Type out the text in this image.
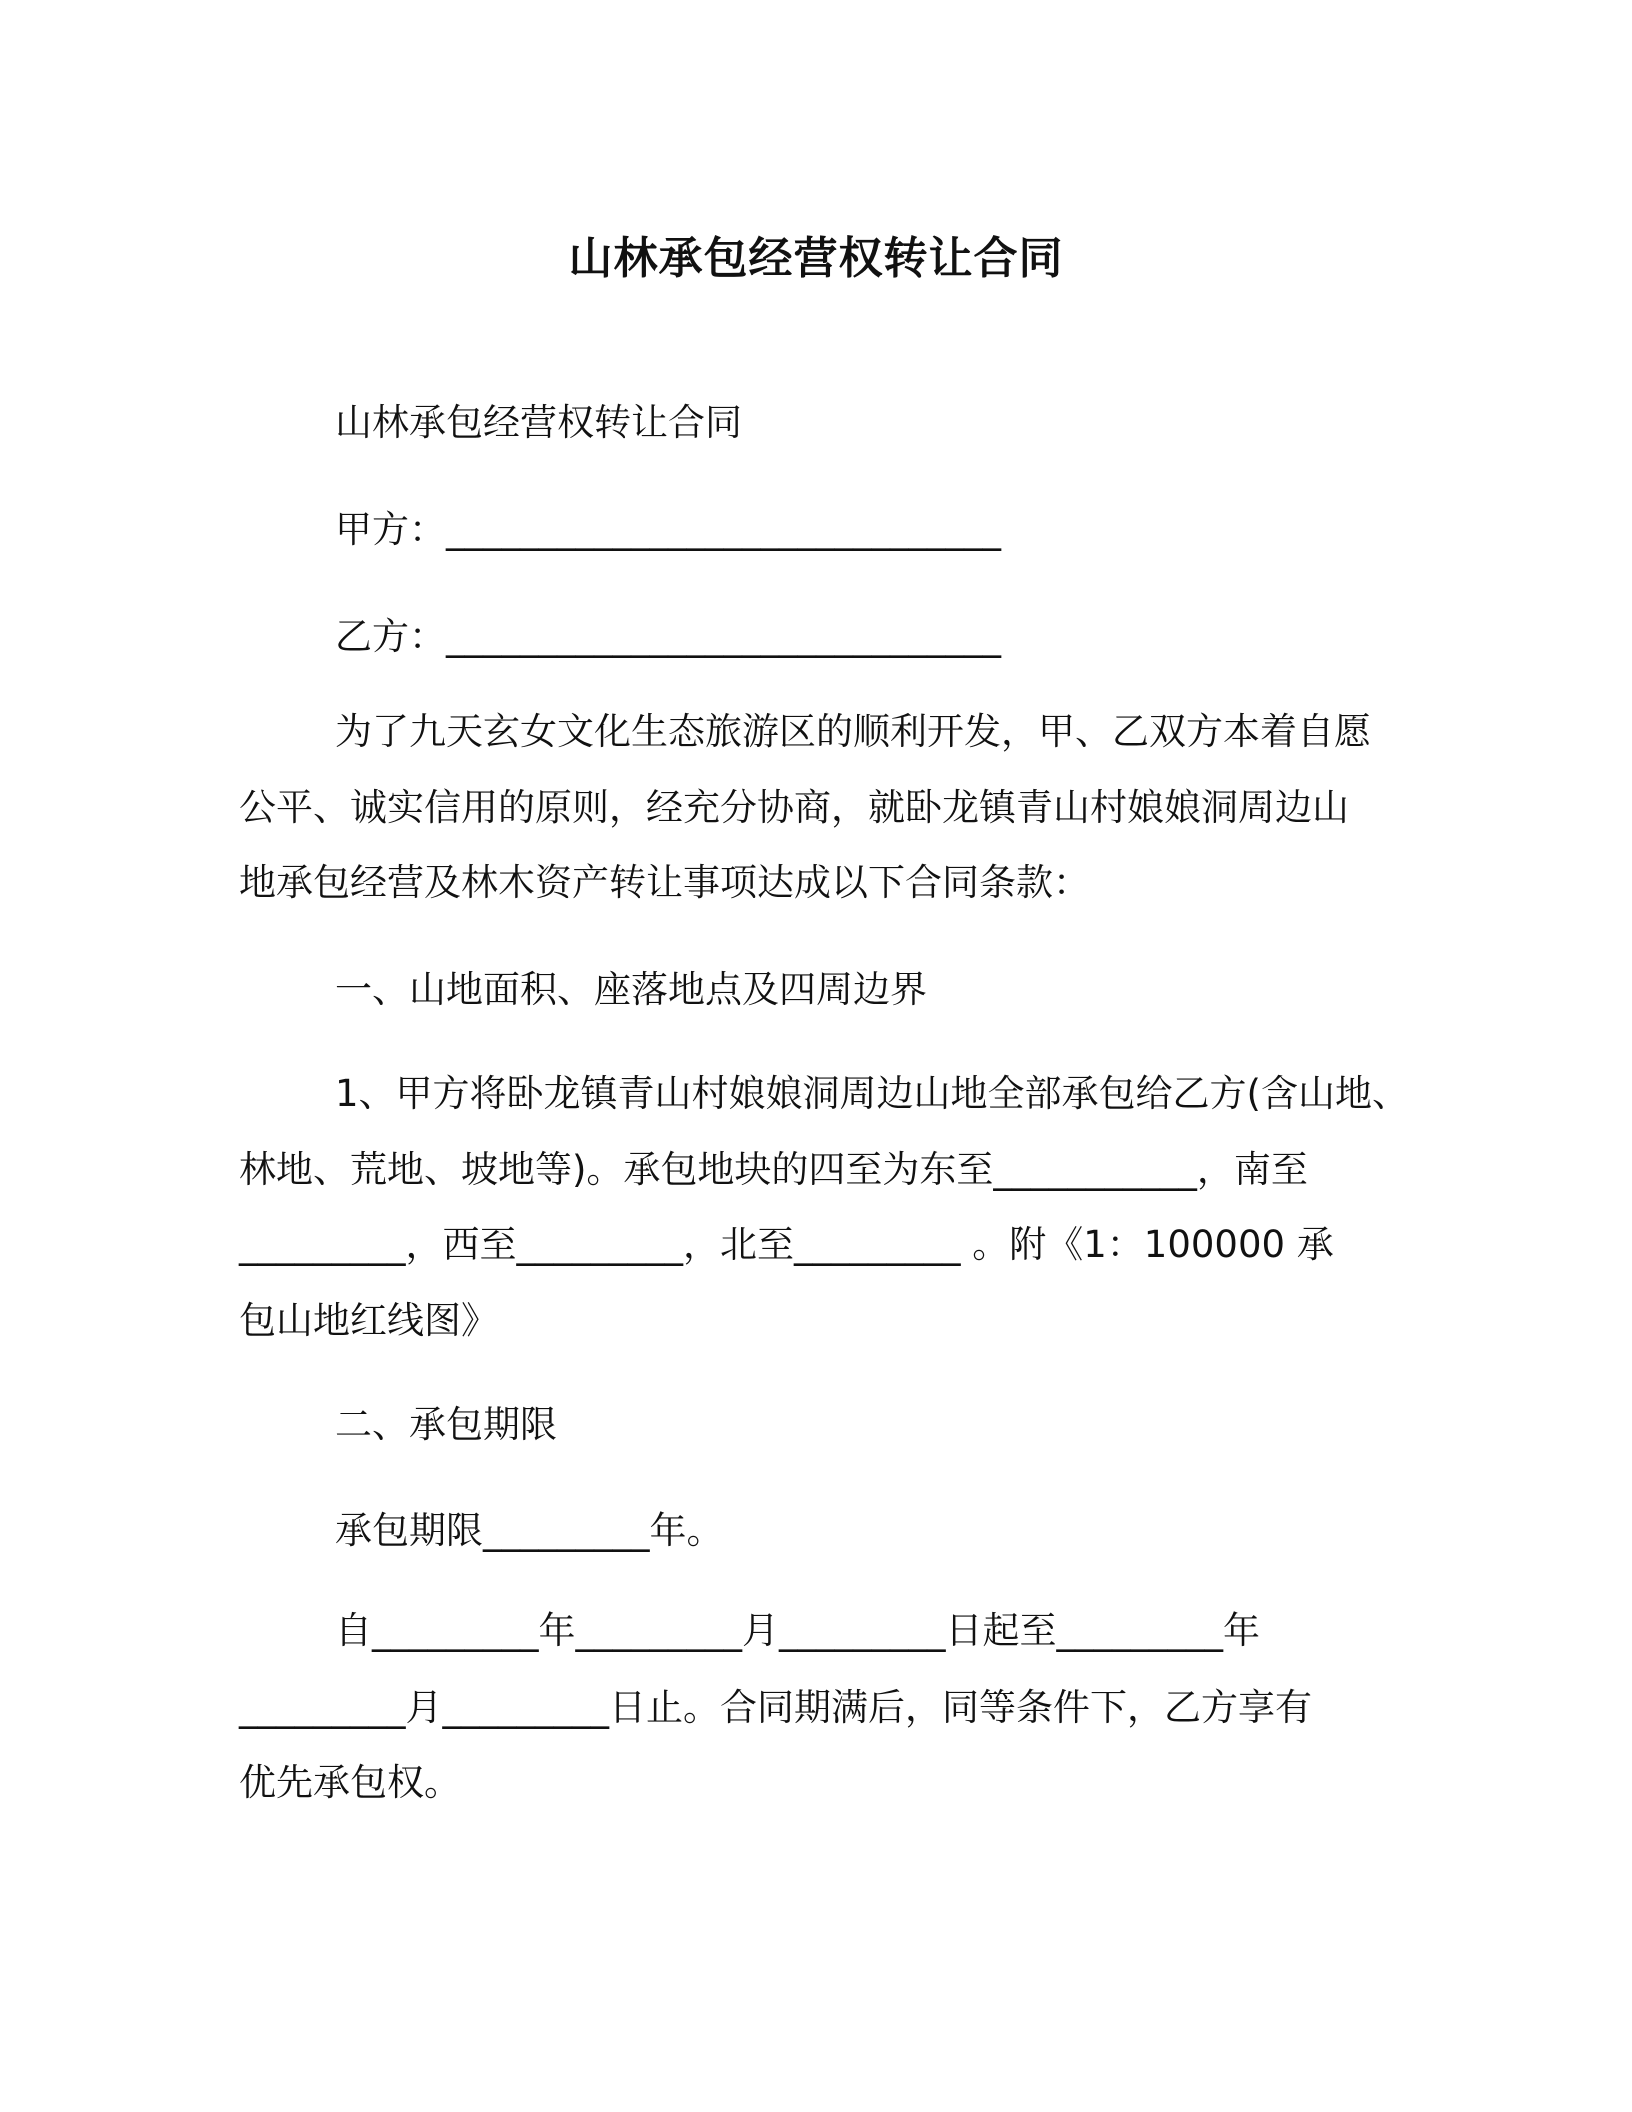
山林承包经营权转让合同

山林承包经营权转让合同

甲方：______________________________

乙方：______________________________

为了九天玄女文化生态旅游区的顺利开发，甲、乙双方本着自愿

公平、诚实信用的原则，经充分协商，就卧龙镇青山村娘娘洞周边山

地承包经营及林木资产转让事项达成以下合同条款：

一、山地面积、座落地点及四周边界

1、甲方将卧龙镇青山村娘娘洞周边山地全部承包给乙方(含山地、

林地、荒地、坡地等)。承包地块的四至为东至___________，南至

_________，西至_________，北至_________ 。附《1：100000 承

包山地红线图》

二、承包期限

承包期限_________年。

自_________年_________月_________日起至_________年

_________月_________日止。合同期满后，同等条件下，乙方享有

优先承包权。
